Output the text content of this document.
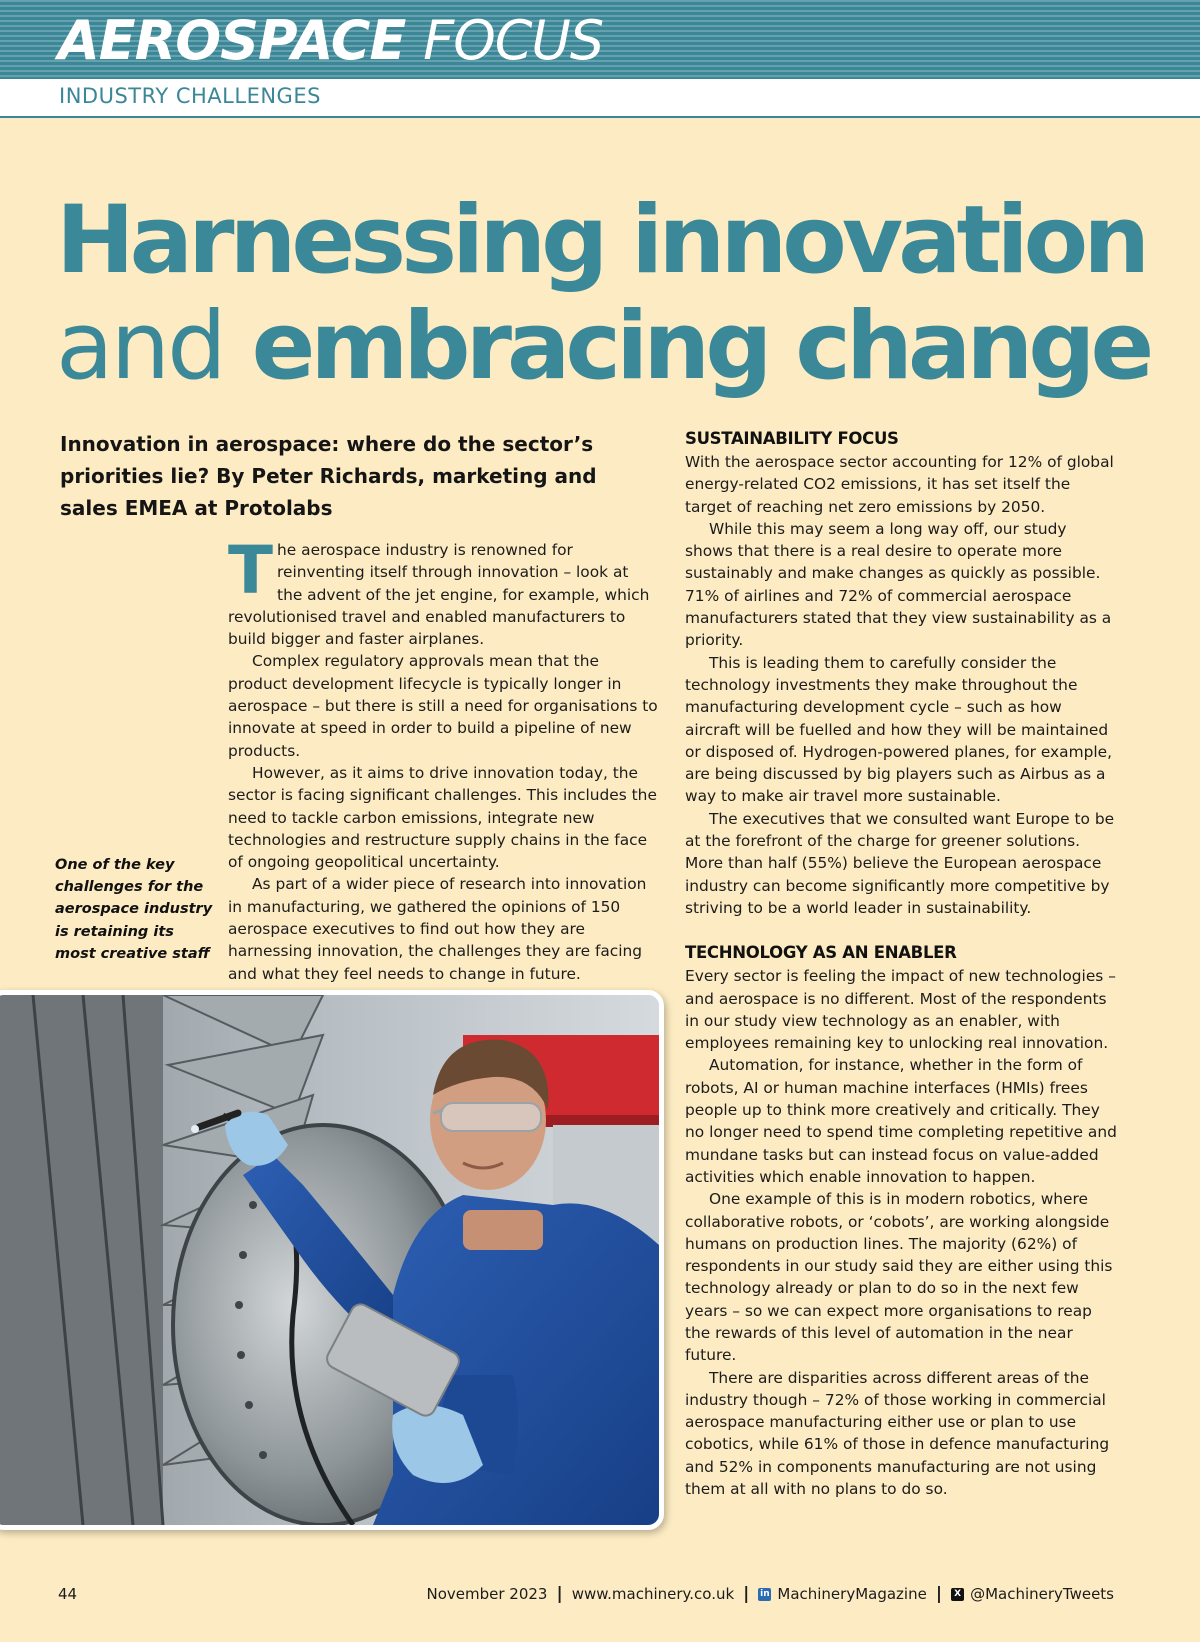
AEROSPACE FOCUS
INDUSTRY CHALLENGES
Harnessing innovation
and embracing change

Innovation in aerospace: where do the sector’s priorities lie? By Peter Richards, marketing and sales EMEA at Protolabs

The aerospace industry is renowned for reinventing itself through innovation – look at the advent of the jet engine, for example, which revolutionised travel and enabled manufacturers to build bigger and faster airplanes.

Complex regulatory approvals mean that the product development lifecycle is typically longer in aerospace – but there is still a need for organisations to innovate at speed in order to build a pipeline of new products.

However, as it aims to drive innovation today, the sector is facing significant challenges. This includes the need to tackle carbon emissions, integrate new technologies and restructure supply chains in the face of ongoing geopolitical uncertainty.

As part of a wider piece of research into innovation in manufacturing, we gathered the opinions of 150 aerospace executives to find out how they are harnessing innovation, the challenges they are facing and what they feel needs to change in future.

One of the key challenges for the aerospace industry is retaining its most creative staff

SUSTAINABILITY FOCUS

With the aerospace sector accounting for 12% of global energy-related CO2 emissions, it has set itself the target of reaching net zero emissions by 2050.

While this may seem a long way off, our study shows that there is a real desire to operate more sustainably and make changes as quickly as possible. 71% of airlines and 72% of commercial aerospace manufacturers stated that they view sustainability as a priority.

This is leading them to carefully consider the technology investments they make throughout the manufacturing development cycle – such as how aircraft will be fuelled and how they will be maintained or disposed of. Hydrogen-powered planes, for example, are being discussed by big players such as Airbus as a way to make air travel more sustainable.

The executives that we consulted want Europe to be at the forefront of the charge for greener solutions. More than half (55%) believe the European aerospace industry can become significantly more competitive by striving to be a world leader in sustainability.

TECHNOLOGY AS AN ENABLER

Every sector is feeling the impact of new technologies – and aerospace is no different. Most of the respondents in our study view technology as an enabler, with employees remaining key to unlocking real innovation.

Automation, for instance, whether in the form of robots, AI or human machine interfaces (HMIs) frees people up to think more creatively and critically. They no longer need to spend time completing repetitive and mundane tasks but can instead focus on value-added activities which enable innovation to happen.

One example of this is in modern robotics, where collaborative robots, or ‘cobots’, are working alongside humans on production lines. The majority (62%) of respondents in our study said they are either using this technology already or plan to do so in the next few years – so we can expect more organisations to reap the rewards of this level of automation in the near future.

There are disparities across different areas of the industry though – 72% of those working in commercial aerospace manufacturing either use or plan to use cobotics, while 61% of those in defence manufacturing and 52% in components manufacturing are not using them at all with no plans to do so.

44	November 2023 | www.machinery.co.uk | in MachineryMagazine |	X @MachineryTweets
